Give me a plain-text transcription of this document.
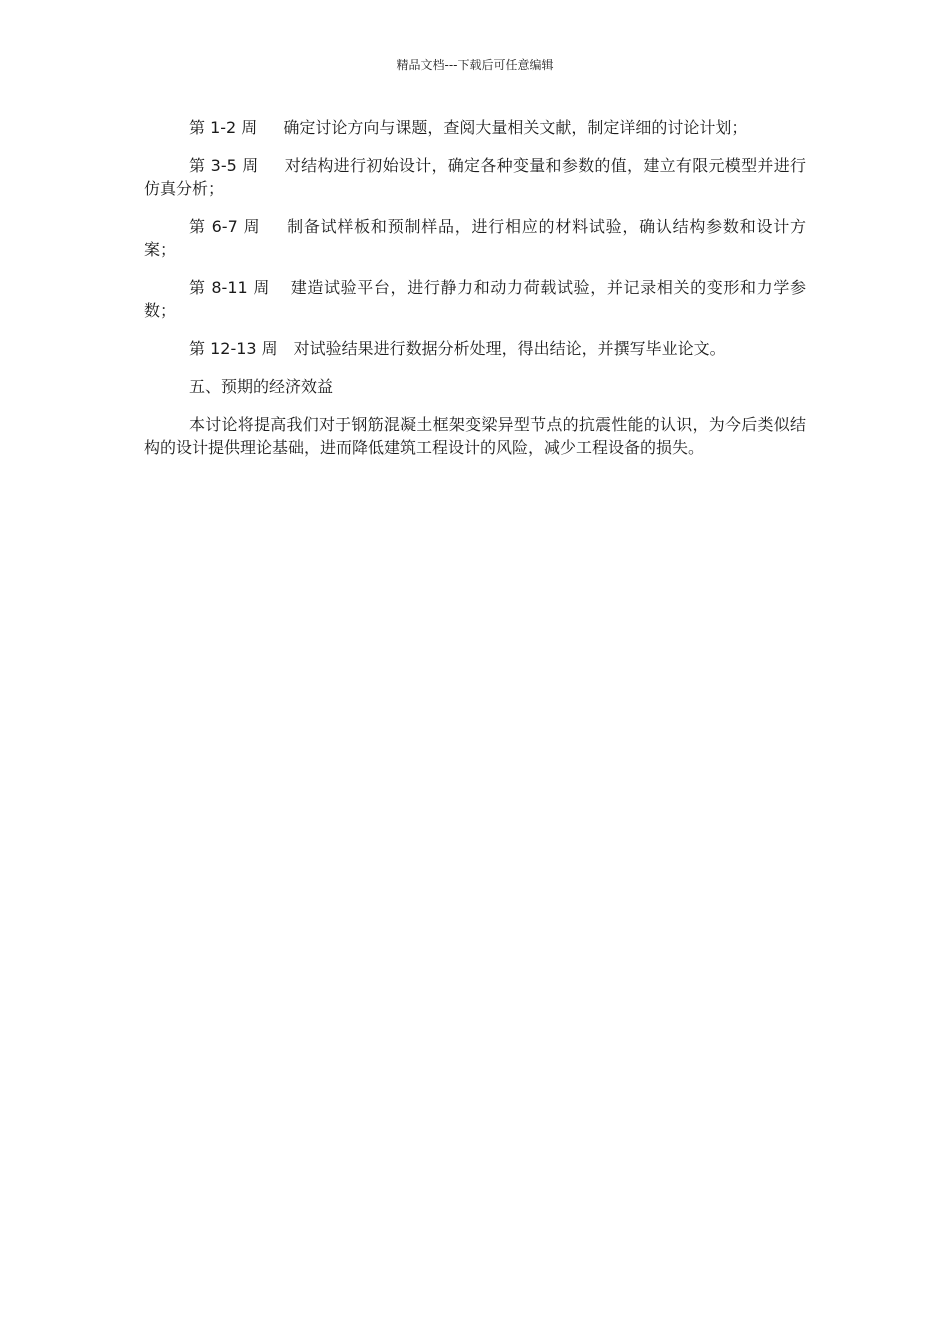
精品文档---下载后可任意编辑

第 1-2 周 确定讨论方向与课题，查阅大量相关文献，制定详细的讨论计划；

第 3-5 周 对结构进行初始设计，确定各种变量和参数的值，建立有限元模型并进行仿真分析；

第 6-7 周 制备试样板和预制样品，进行相应的材料试验，确认结构参数和设计方案；

第 8-11 周 建造试验平台，进行静力和动力荷载试验，并记录相关的变形和力学参数；

第 12-13 周 对试验结果进行数据分析处理，得出结论，并撰写毕业论文。

五、预期的经济效益

本讨论将提高我们对于钢筋混凝土框架变梁异型节点的抗震性能的认识，为今后类似结构的设计提供理论基础，进而降低建筑工程设计的风险，减少工程设备的损失。
